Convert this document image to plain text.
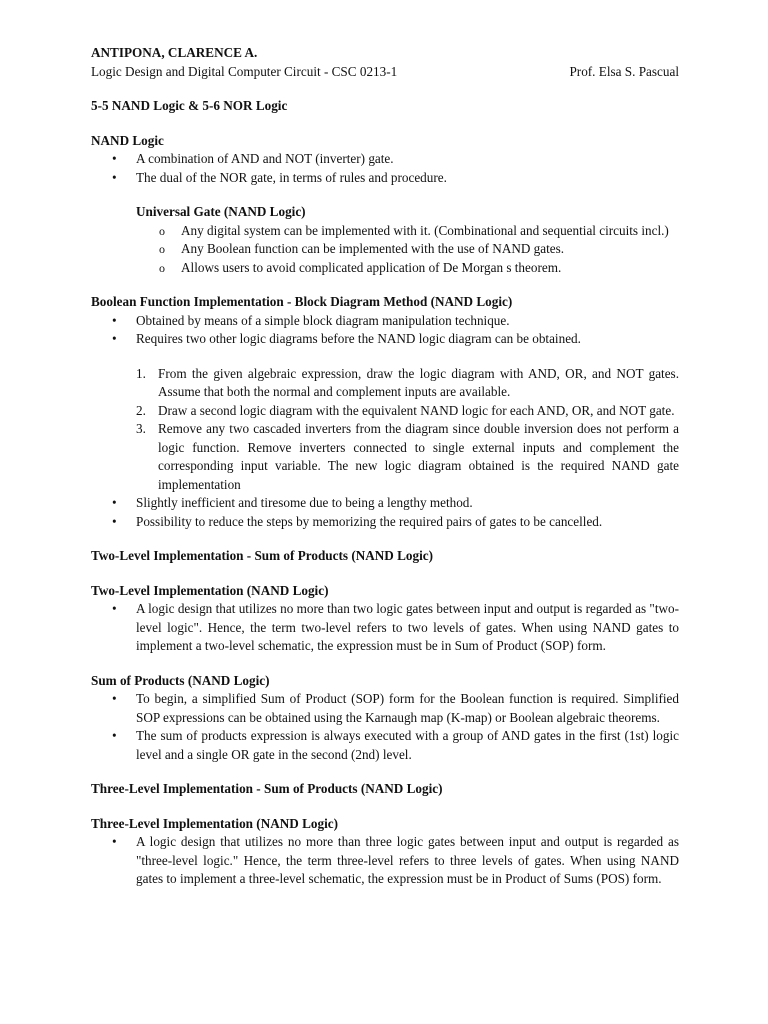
ANTIPONA, CLARENCE A.
Logic Design and Digital Computer Circuit - CSC 0213-1	Prof. Elsa S. Pascual
5-5 NAND Logic & 5-6 NOR Logic
NAND Logic
•	A combination of AND and NOT (inverter) gate.
•	The dual of the NOR gate, in terms of rules and procedure.
Universal Gate (NAND Logic)
o Any digital system can be implemented with it. (Combinational and sequential circuits incl.)
o Any Boolean function can be implemented with the use of NAND gates.
o Allows users to avoid complicated application of De Morgan s theorem.
Boolean Function Implementation - Block Diagram Method (NAND Logic)
•	Obtained by means of a simple block diagram manipulation technique.
•	Requires two other logic diagrams before the NAND logic diagram can be obtained.
1. From the given algebraic expression, draw the logic diagram with AND, OR, and NOT gates. Assume that both the normal and complement inputs are available.
2. Draw a second logic diagram with the equivalent NAND logic for each AND, OR, and NOT gate.
3. Remove any two cascaded inverters from the diagram since double inversion does not perform a logic function. Remove inverters connected to single external inputs and complement the corresponding input variable. The new logic diagram obtained is the required NAND gate implementation
•	Slightly inefficient and tiresome due to being a lengthy method.
•	Possibility to reduce the steps by memorizing the required pairs of gates to be cancelled.
Two-Level Implementation - Sum of Products (NAND Logic)
Two-Level Implementation (NAND Logic)
•	A logic design that utilizes no more than two logic gates between input and output is regarded as "two-level logic". Hence, the term two-level refers to two levels of gates. When using NAND gates to implement a two-level schematic, the expression must be in Sum of Product (SOP) form.
Sum of Products (NAND Logic)
•	To begin, a simplified Sum of Product (SOP) form for the Boolean function is required. Simplified SOP expressions can be obtained using the Karnaugh map (K-map) or Boolean algebraic theorems.
•	The sum of products expression is always executed with a group of AND gates in the first (1st) logic level and a single OR gate in the second (2nd) level.
Three-Level Implementation - Sum of Products (NAND Logic)
Three-Level Implementation (NAND Logic)
•	A logic design that utilizes no more than three logic gates between input and output is regarded as "three-level logic." Hence, the term three-level refers to three levels of gates. When using NAND gates to implement a three-level schematic, the expression must be in Product of Sums (POS) form.
